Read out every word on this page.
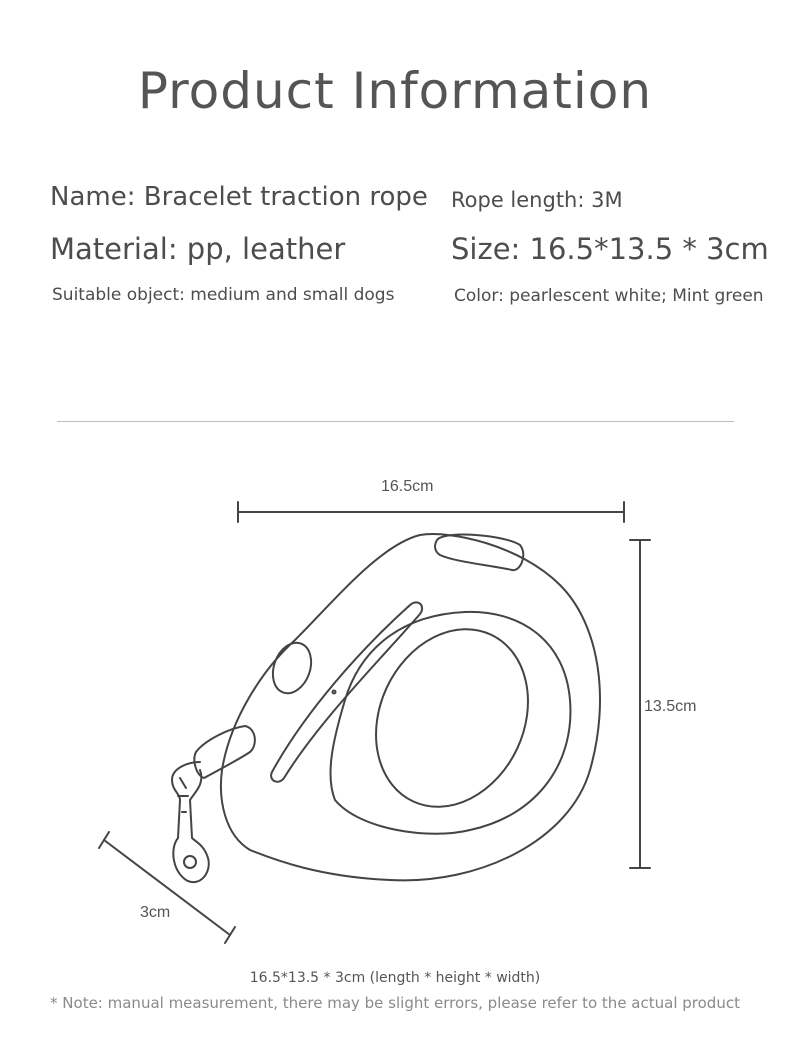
Product Information
Name: Bracelet traction rope Rope length: 3M
Material: pp, leather	Size: 16.5*13.5 * 3cm
Suitable object: medium and small dogs	Color: pearlescent white; Mint green
16.5cm
13.5cm
3cm
16.5*13.5 * 3cm (length * height * width)
* Note: manual measurement, there may be slight errors, please refer to the actual product
